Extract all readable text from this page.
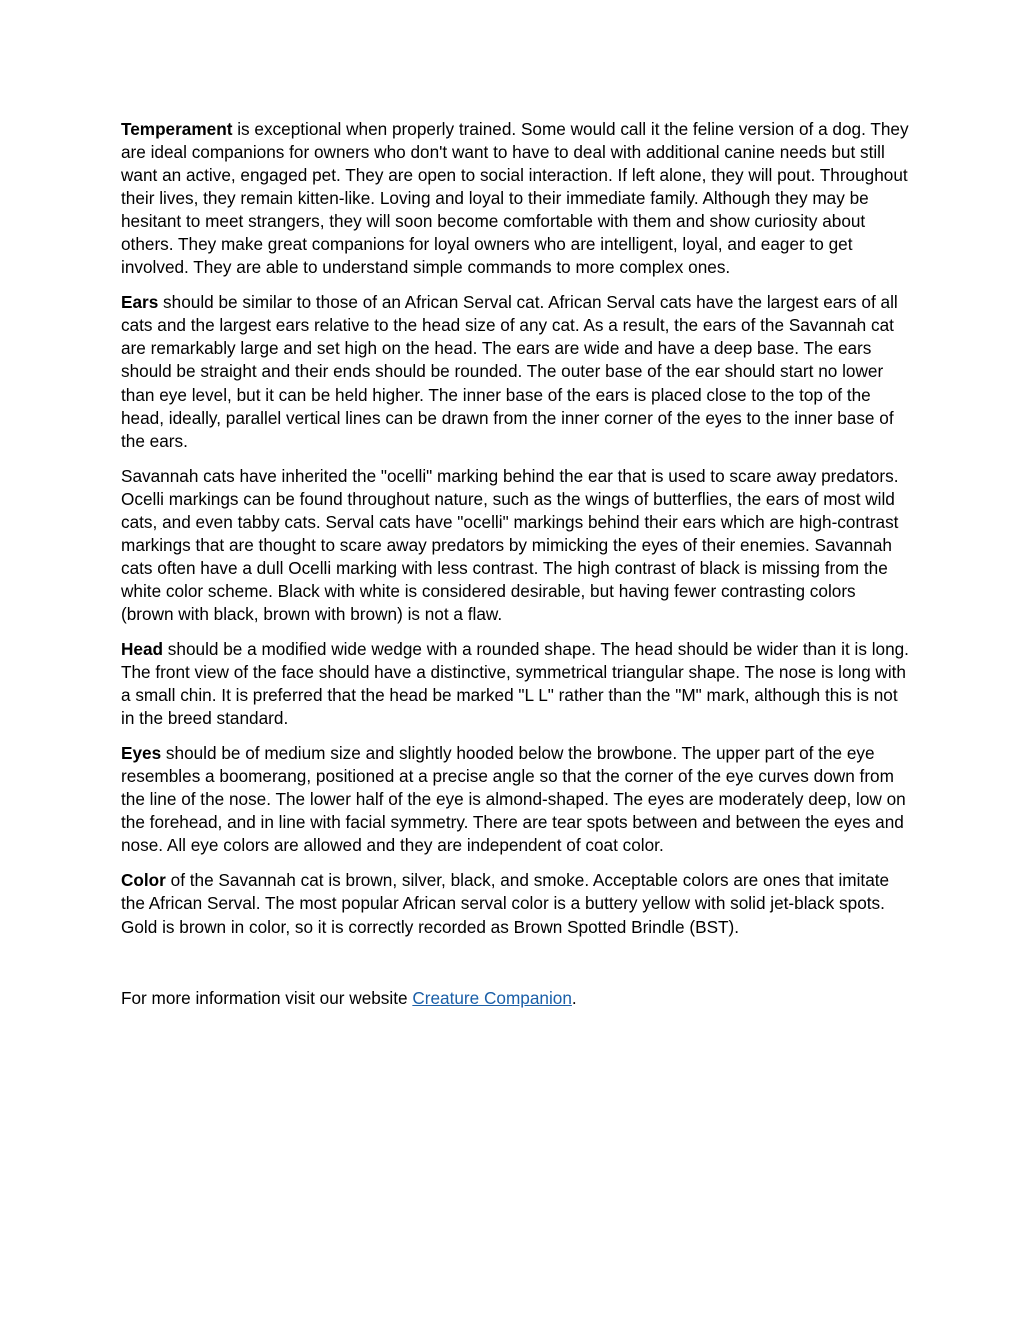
Temperament is exceptional when properly trained. Some would call it the feline version of a dog. They are ideal companions for owners who don't want to have to deal with additional canine needs but still want an active, engaged pet. They are open to social interaction. If left alone, they will pout. Throughout their lives, they remain kitten-like. Loving and loyal to their immediate family. Although they may be hesitant to meet strangers, they will soon become comfortable with them and show curiosity about others. They make great companions for loyal owners who are intelligent, loyal, and eager to get involved. They are able to understand simple commands to more complex ones.

Ears should be similar to those of an African Serval cat. African Serval cats have the largest ears of all cats and the largest ears relative to the head size of any cat. As a result, the ears of the Savannah cat are remarkably large and set high on the head. The ears are wide and have a deep base. The ears should be straight and their ends should be rounded. The outer base of the ear should start no lower than eye level, but it can be held higher. The inner base of the ears is placed close to the top of the head, ideally, parallel vertical lines can be drawn from the inner corner of the eyes to the inner base of the ears.

Savannah cats have inherited the "ocelli" marking behind the ear that is used to scare away predators. Ocelli markings can be found throughout nature, such as the wings of butterflies, the ears of most wild cats, and even tabby cats. Serval cats have "ocelli" markings behind their ears which are high-contrast markings that are thought to scare away predators by mimicking the eyes of their enemies. Savannah cats often have a dull Ocelli marking with less contrast. The high contrast of black is missing from the white color scheme. Black with white is considered desirable, but having fewer contrasting colors (brown with black, brown with brown) is not a flaw.

Head should be a modified wide wedge with a rounded shape. The head should be wider than it is long. The front view of the face should have a distinctive, symmetrical triangular shape. The nose is long with a small chin. It is preferred that the head be marked "L L" rather than the "M" mark, although this is not in the breed standard.

Eyes should be of medium size and slightly hooded below the browbone. The upper part of the eye resembles a boomerang, positioned at a precise angle so that the corner of the eye curves down from the line of the nose. The lower half of the eye is almond-shaped. The eyes are moderately deep, low on the forehead, and in line with facial symmetry. There are tear spots between and between the eyes and nose. All eye colors are allowed and they are independent of coat color.

Color of the Savannah cat is brown, silver, black, and smoke. Acceptable colors are ones that imitate the African Serval. The most popular African serval color is a buttery yellow with solid jet-black spots. Gold is brown in color, so it is correctly recorded as Brown Spotted Brindle (BST).

For more information visit our website Creature Companion.
